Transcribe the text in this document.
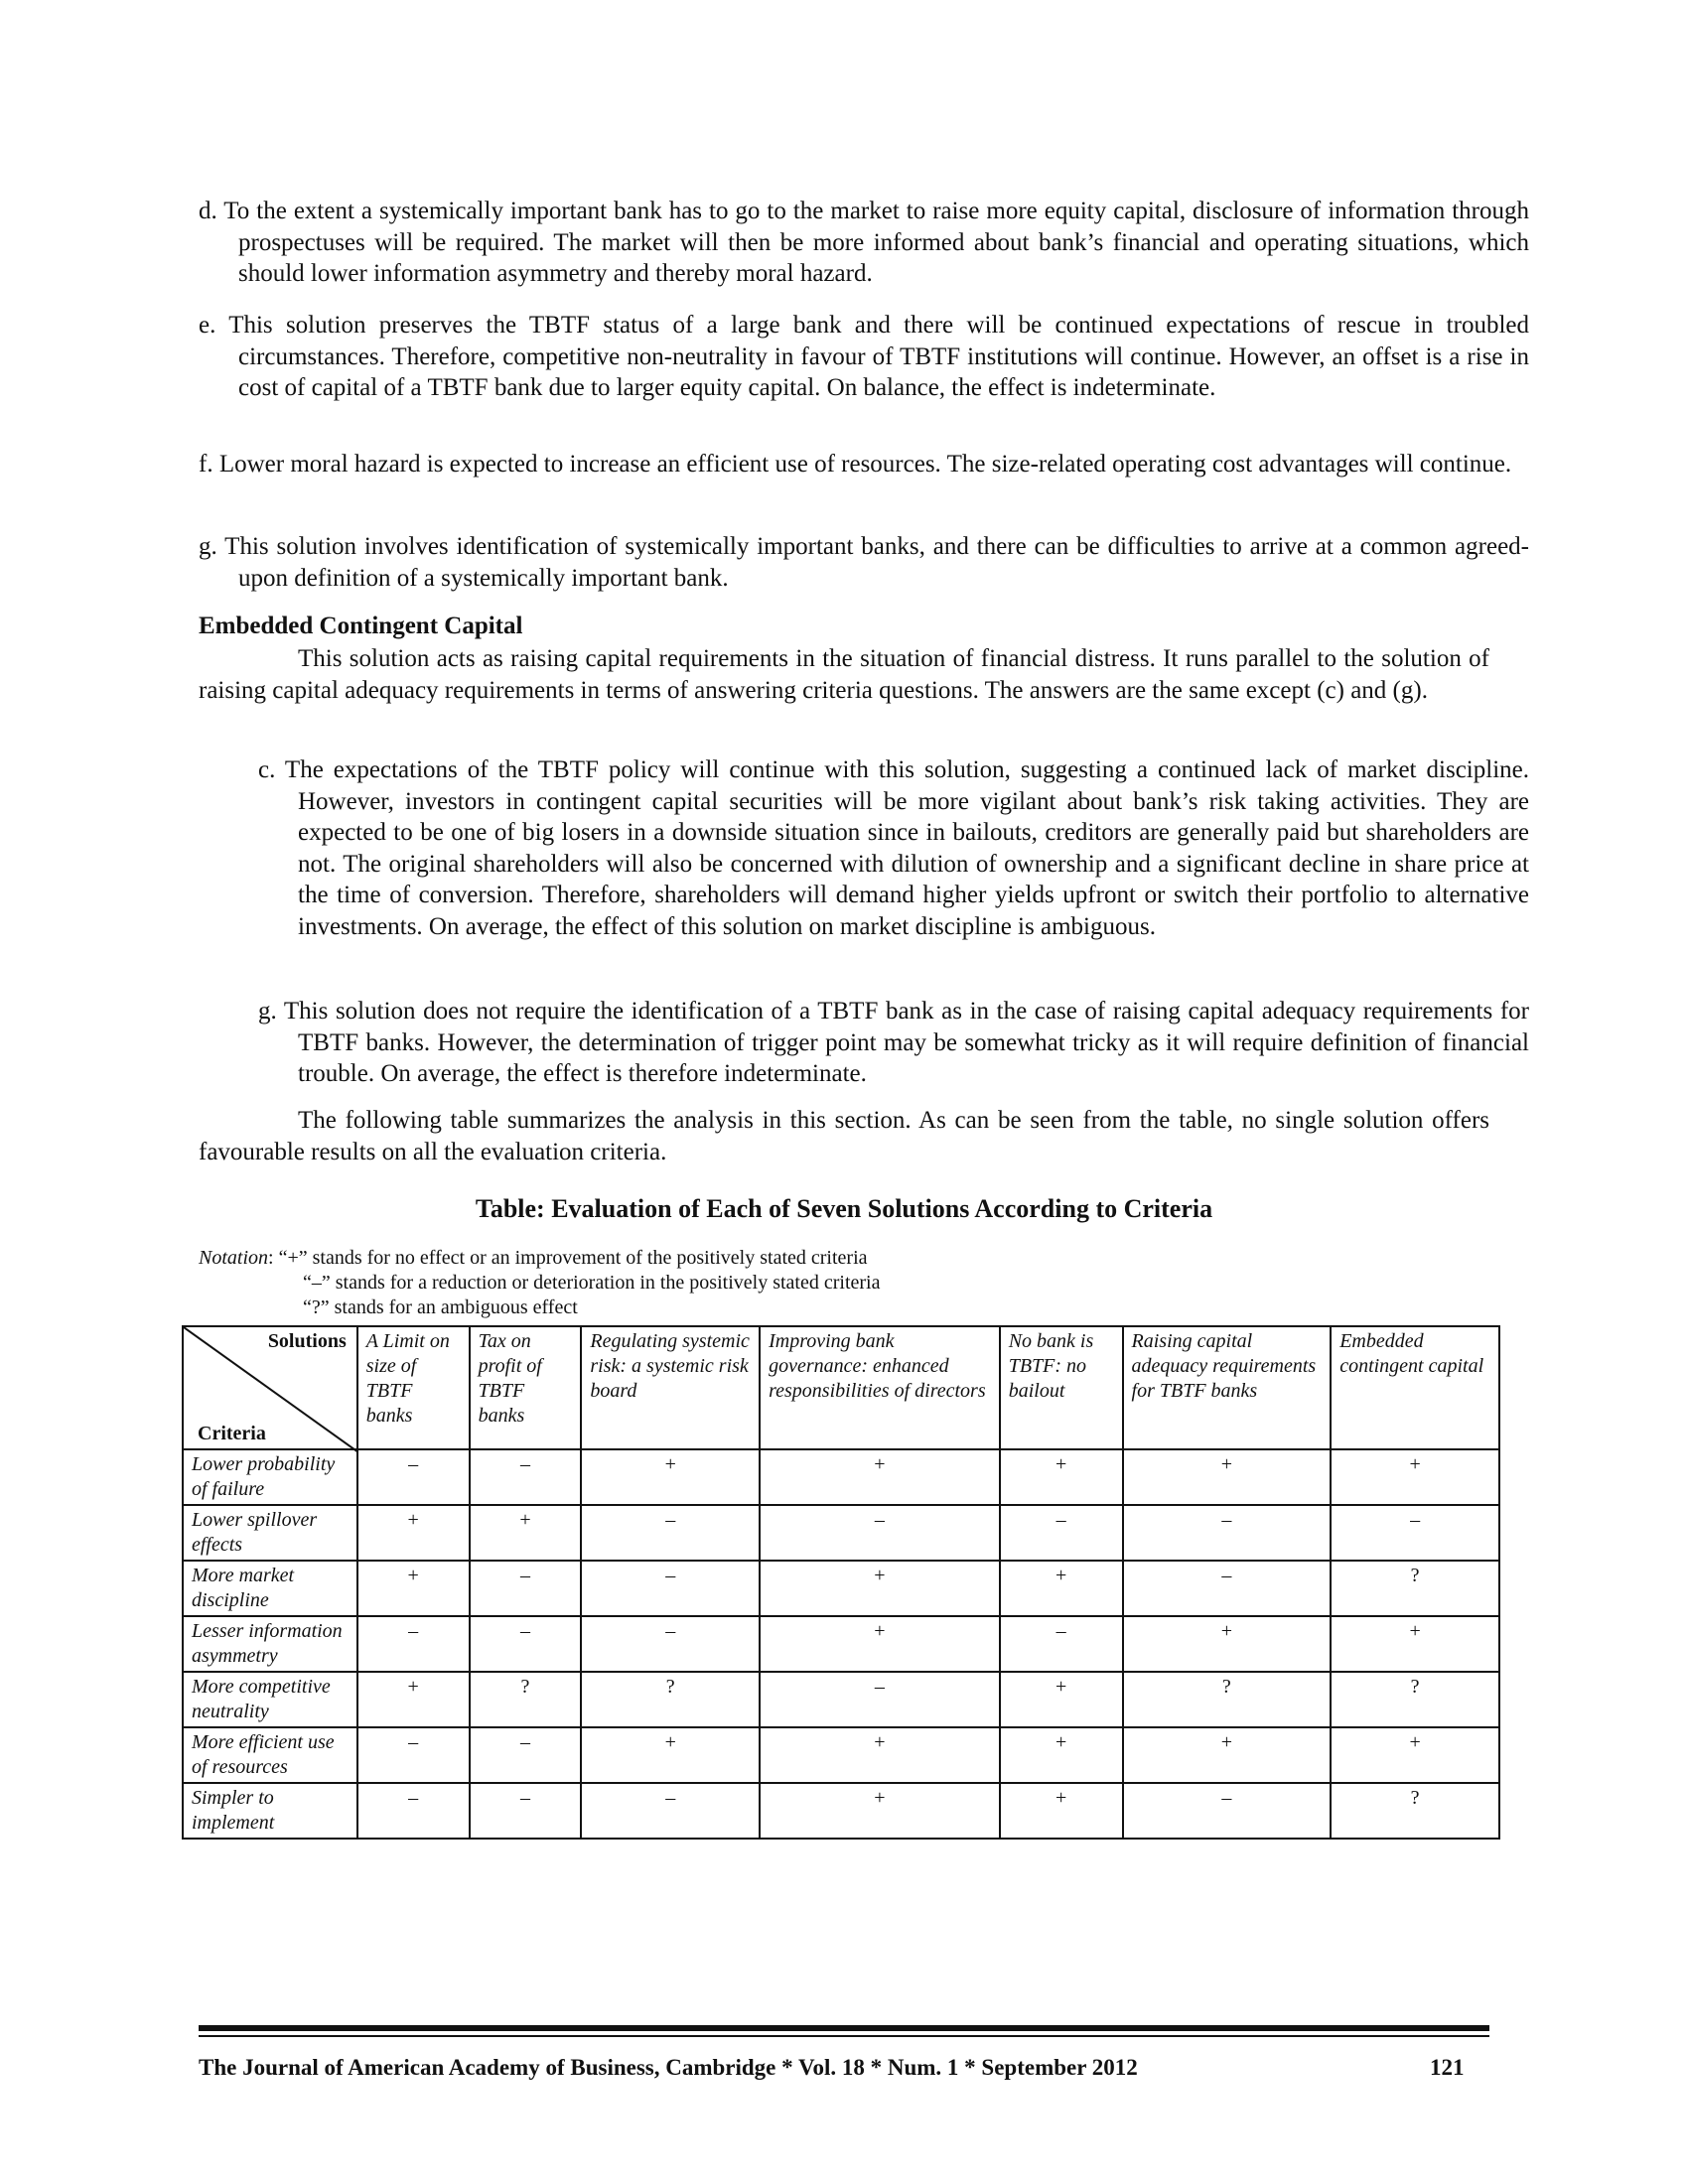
d. To the extent a systemically important bank has to go to the market to raise more equity capital, disclosure of information through prospectuses will be required. The market will then be more informed about bank’s financial and operating situations, which should lower information asymmetry and thereby moral hazard.

e. This solution preserves the TBTF status of a large bank and there will be continued expectations of rescue in troubled circumstances. Therefore, competitive non-neutrality in favour of TBTF institutions will continue. However, an offset is a rise in cost of capital of a TBTF bank due to larger equity capital. On balance, the effect is indeterminate.

f. Lower moral hazard is expected to increase an efficient use of resources. The size-related operating cost advantages will continue.

g. This solution involves identification of systemically important banks, and there can be difficulties to arrive at a common agreed-upon definition of a systemically important bank.

Embedded Contingent Capital

This solution acts as raising capital requirements in the situation of financial distress. It runs parallel to the solution of raising capital adequacy requirements in terms of answering criteria questions. The answers are the same except (c) and (g).

c. The expectations of the TBTF policy will continue with this solution, suggesting a continued lack of market discipline. However, investors in contingent capital securities will be more vigilant about bank’s risk taking activities. They are expected to be one of big losers in a downside situation since in bailouts, creditors are generally paid but shareholders are not. The original shareholders will also be concerned with dilution of ownership and a significant decline in share price at the time of conversion. Therefore, shareholders will demand higher yields upfront or switch their portfolio to alternative investments. On average, the effect of this solution on market discipline is ambiguous.

g. This solution does not require the identification of a TBTF bank as in the case of raising capital adequacy requirements for TBTF banks. However, the determination of trigger point may be somewhat tricky as it will require definition of financial trouble. On average, the effect is therefore indeterminate.

The following table summarizes the analysis in this section. As can be seen from the table, no single solution offers favourable results on all the evaluation criteria.

Table: Evaluation of Each of Seven Solutions According to Criteria
Notation: “+” stands for no effect or an improvement of the positively stated criteria
“–” stands for a reduction or deterioration in the positively stated criteria
“?” stands for an ambiguous effect
Solutions
Criteria	A Limit on size of TBTF banks	Tax on profit of TBTF banks	Regulating systemic risk: a systemic risk board	Improving bank governance: enhanced responsibilities of directors	No bank is TBTF: no bailout	Raising capital adequacy requirements for TBTF banks	Embedded contingent capital
Lower probability of failure	–	–	+	+	+	+	+
Lower spillover effects	+	+	–	–	–	–	–
More market discipline	+	–	–	+	+	–	?
Lesser information asymmetry	–	–	–	+	–	+	+
More competitive neutrality	+	?	?	–	+	?	?
More efficient use of resources	–	–	+	+	+	+	+
Simpler to implement	–	–	–	+	+	–	?
The Journal of American Academy of Business, Cambridge * Vol. 18 * Num. 1 * September 2012	121
